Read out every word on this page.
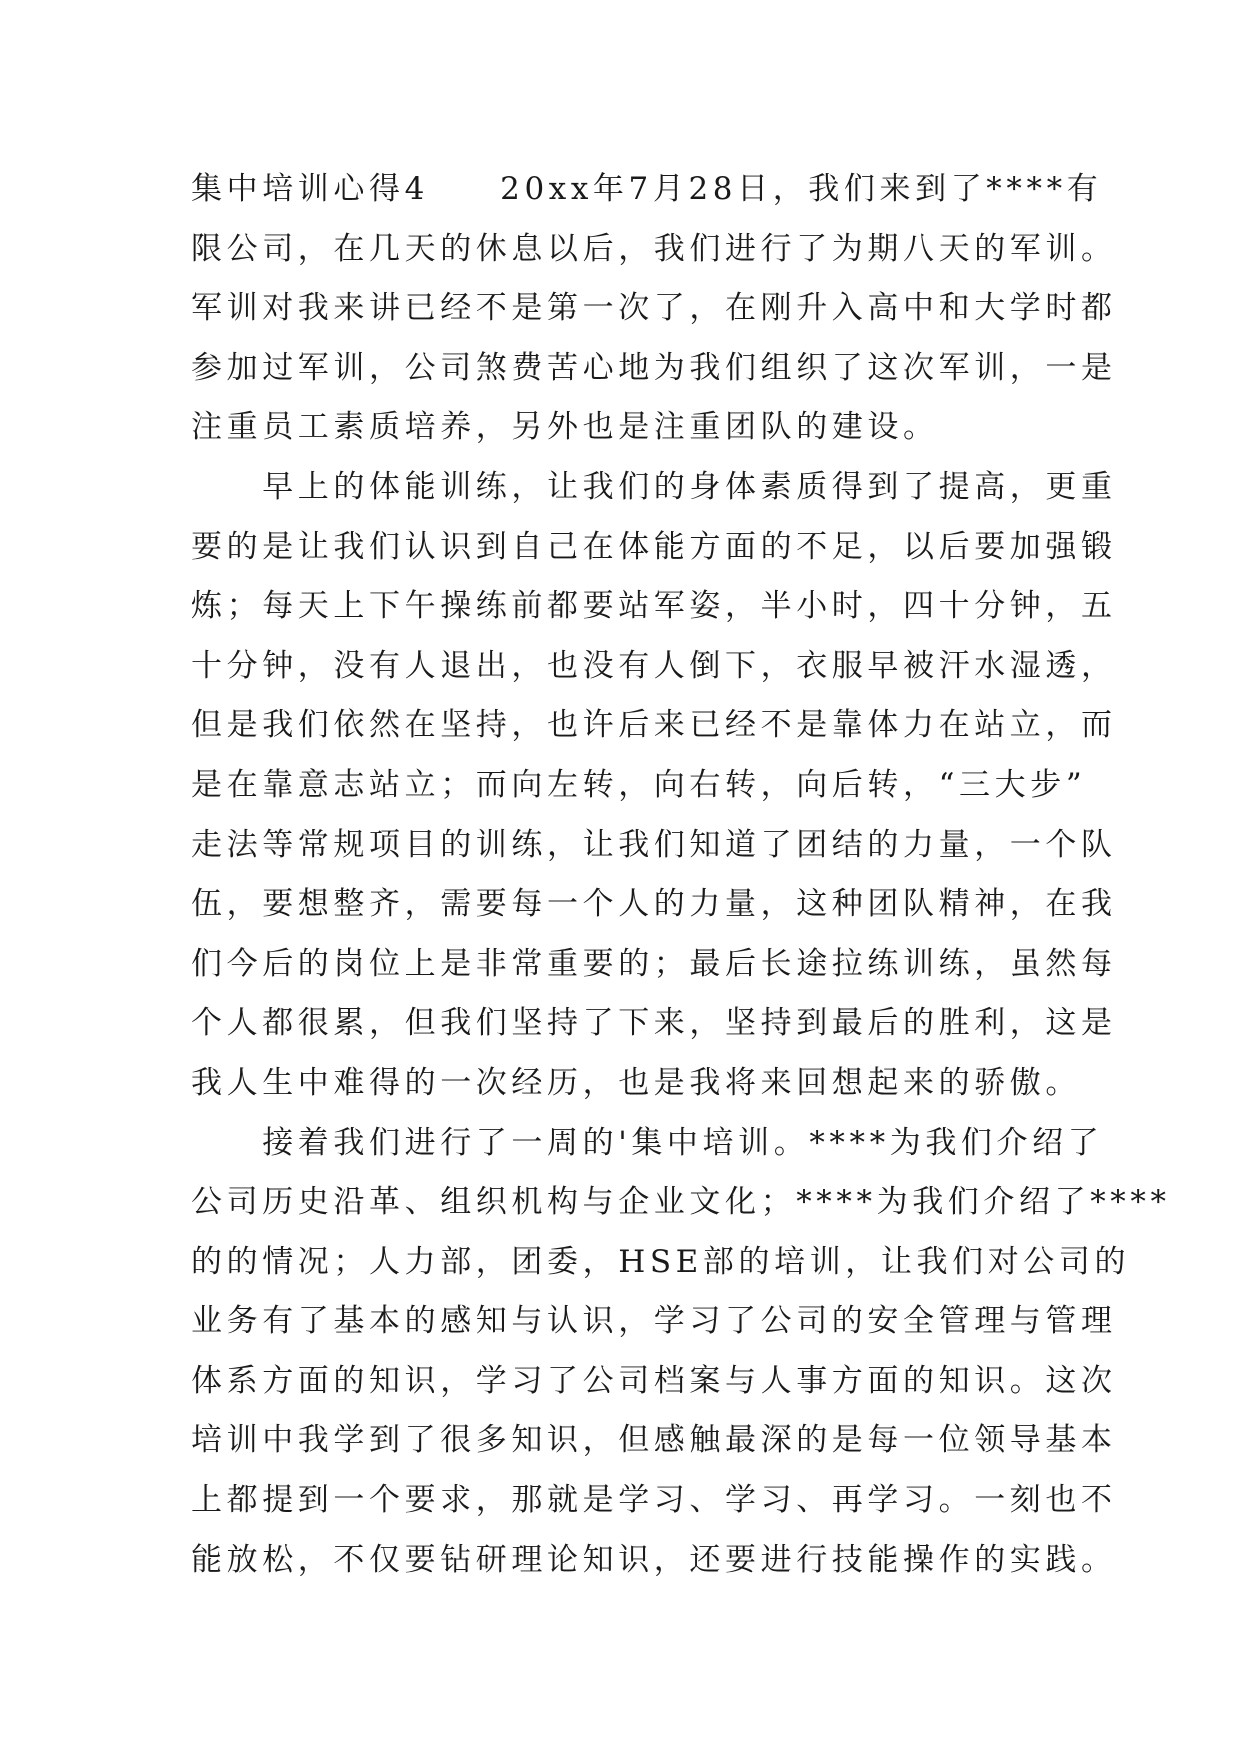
集中培训心得4　　20xx年7月28日，我们来到了****有
限公司，在几天的休息以后，我们进行了为期八天的军训。
军训对我来讲已经不是第一次了，在刚升入高中和大学时都
参加过军训，公司煞费苦心地为我们组织了这次军训，一是
注重员工素质培养，另外也是注重团队的建设。
　　早上的体能训练，让我们的身体素质得到了提高，更重
要的是让我们认识到自己在体能方面的不足，以后要加强锻
炼；每天上下午操练前都要站军姿，半小时，四十分钟，五
十分钟，没有人退出，也没有人倒下，衣服早被汗水湿透，
但是我们依然在坚持，也许后来已经不是靠体力在站立，而
是在靠意志站立；而向左转，向右转，向后转，“三大步”
走法等常规项目的训练，让我们知道了团结的力量，一个队
伍，要想整齐，需要每一个人的力量，这种团队精神，在我
们今后的岗位上是非常重要的；最后长途拉练训练，虽然每
个人都很累，但我们坚持了下来，坚持到最后的胜利，这是
我人生中难得的一次经历，也是我将来回想起来的骄傲。
　　接着我们进行了一周的'集中培训。****为我们介绍了
公司历史沿革、组织机构与企业文化；****为我们介绍了****
的的情况；人力部，团委，HSE部的培训，让我们对公司的
业务有了基本的感知与认识，学习了公司的安全管理与管理
体系方面的知识，学习了公司档案与人事方面的知识。这次
培训中我学到了很多知识，但感触最深的是每一位领导基本
上都提到一个要求，那就是学习、学习、再学习。一刻也不
能放松，不仅要钻研理论知识，还要进行技能操作的实践。
